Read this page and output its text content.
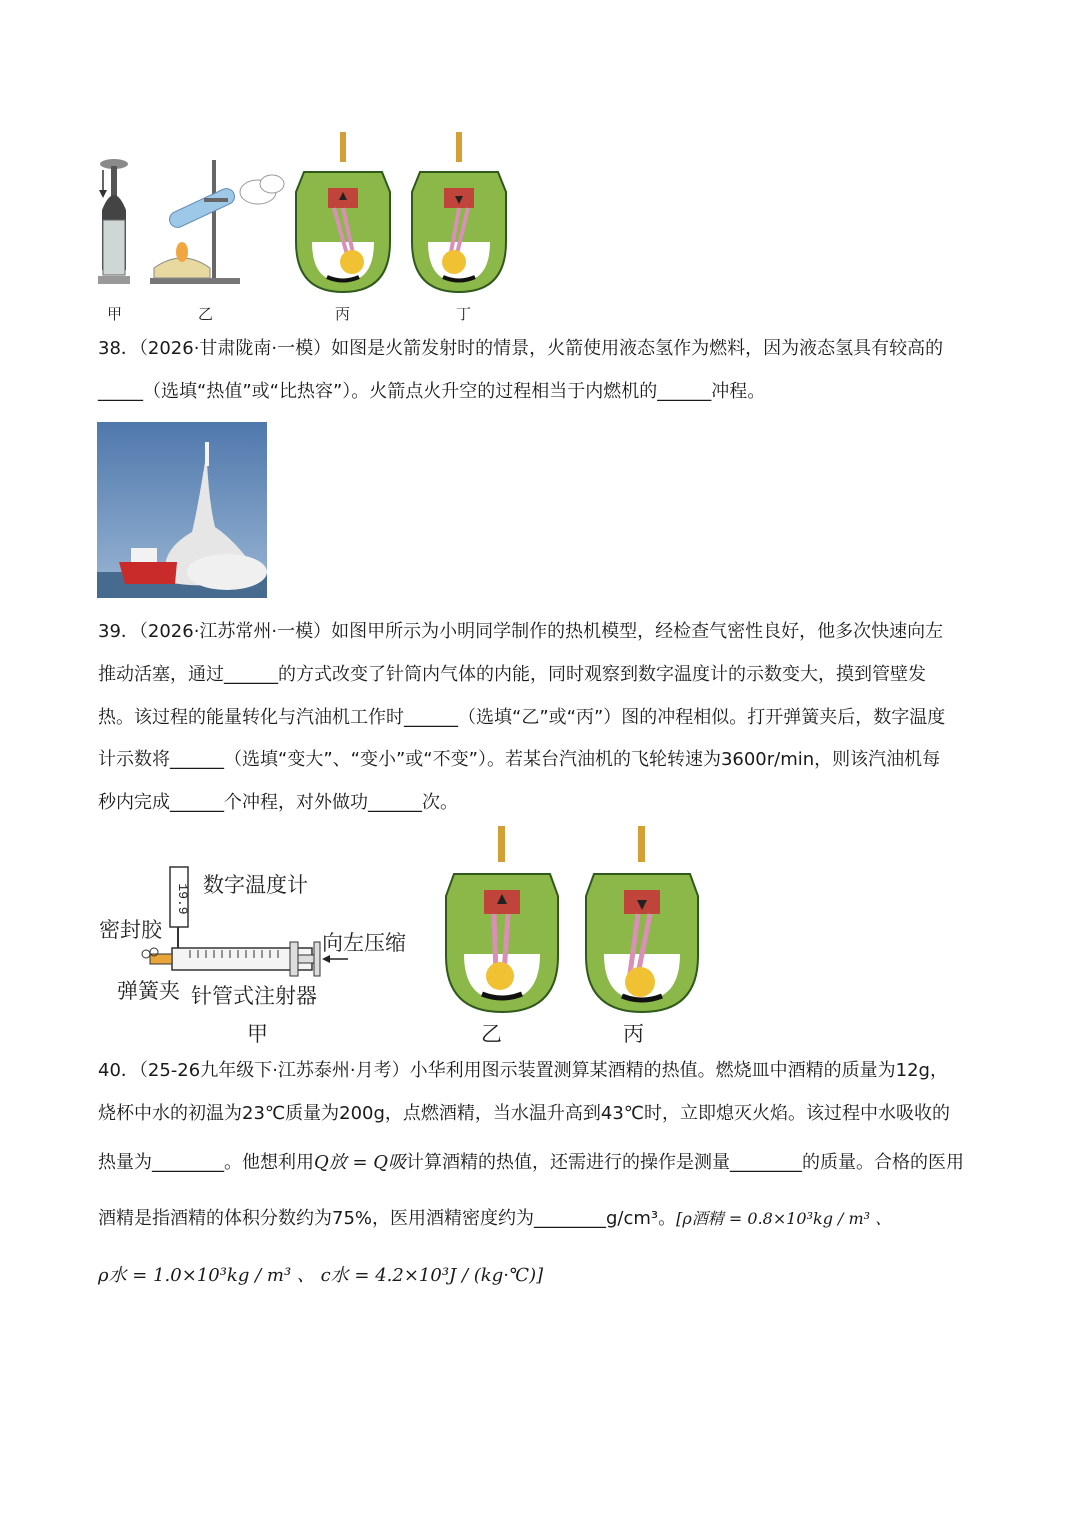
甲	乙	丙	丁
38．（2026·甘肃陇南·一模）如图是火箭发射时的情景，火箭使用液态氢作为燃料，因为液态氢具有较高的
_____（选填“热值”或“比热容”）。火箭点火升空的过程相当于内燃机的______冲程。
39．（2026·江苏常州·一模）如图甲所示为小明同学制作的热机模型，经检查气密性良好，他多次快速向左
推动活塞，通过______的方式改变了针筒内气体的内能，同时观察到数字温度计的示数变大，摸到管壁发
热。该过程的能量转化与汽油机工作时______（选填“乙”或“丙”）图的冲程相似。打开弹簧夹后，数字温度
计示数将______（选填“变大”、“变小”或“不变”）。若某台汽油机的飞轮转速为3600r/min，则该汽油机每
秒内完成______个冲程，对外做功______次。
19.9 数字温度计
密封胶
向左压缩
弹簧夹 针管式注射器
甲	乙	丙
40．（25-26九年级下·江苏泰州·月考）小华利用图示装置测算某酒精的热值。燃烧皿中酒精的质量为12g，
烧杯中水的初温为23℃质量为200g，点燃酒精，当水温升高到43℃时，立即熄灭火焰。该过程中水吸收的
热量为________。他想利用Q放 = Q吸计算酒精的热值，还需进行的操作是测量________的质量。合格的医用
酒精是指酒精的体积分数约为75%，医用酒精密度约为________g/cm³。[ρ酒精 = 0.8×10³kg / m³ 、
ρ水 = 1.0×10³kg / m³ 、 c水 = 4.2×10³J / (kg·℃)]
